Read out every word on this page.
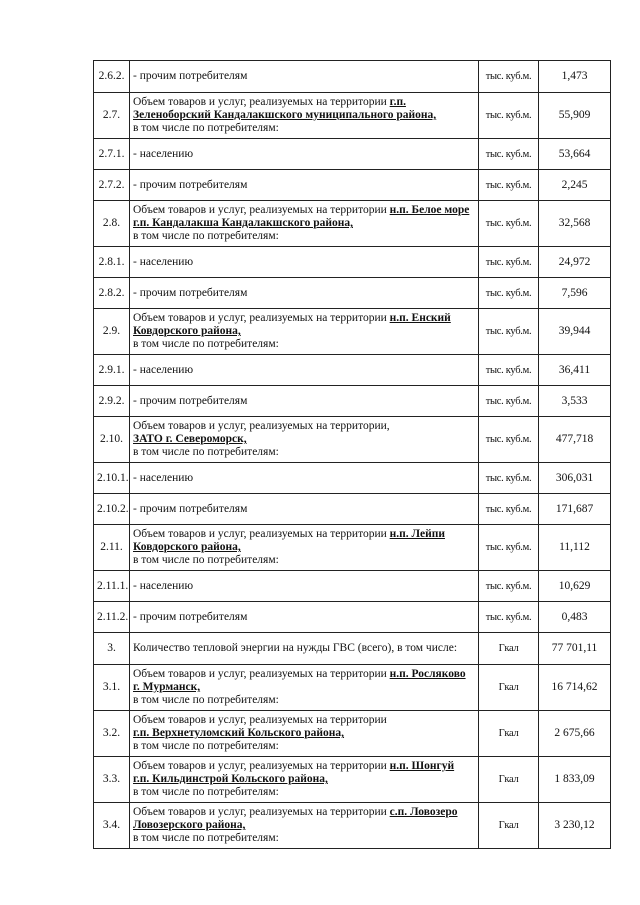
2.6.2.	- прочим потребителям	тыс. куб.м.	1,473
2.7.	Объем товаров и услуг, реализуемых на территории г.п.
Зеленоборский Кандалакшского муниципального района,
в том числе по потребителям:	тыс. куб.м.	55,909
2.7.1.	- населению	тыс. куб.м.	53,664
2.7.2.	- прочим потребителям	тыс. куб.м.	2,245
2.8.	Объем товаров и услуг, реализуемых на территории н.п. Белое море
г.п. Кандалакша Кандалакшского района,
в том числе по потребителям:	тыс. куб.м.	32,568
2.8.1.	- населению	тыс. куб.м.	24,972
2.8.2.	- прочим потребителям	тыс. куб.м.	7,596
2.9.	Объем товаров и услуг, реализуемых на территории н.п. Енский
Ковдорского района,
в том числе по потребителям:	тыс. куб.м.	39,944
2.9.1.	- населению	тыс. куб.м.	36,411
2.9.2.	- прочим потребителям	тыс. куб.м.	3,533
2.10.	Объем товаров и услуг, реализуемых на территории,
ЗАТО г. Североморск,
в том числе по потребителям:	тыс. куб.м.	477,718
2.10.1.	- населению	тыс. куб.м.	306,031
2.10.2.	- прочим потребителям	тыс. куб.м.	171,687
2.11.	Объем товаров и услуг, реализуемых на территории н.п. Лейпи
Ковдорского района,
в том числе по потребителям:	тыс. куб.м.	11,112
2.11.1.	- населению	тыс. куб.м.	10,629
2.11.2.	- прочим потребителям	тыс. куб.м.	0,483
3.	Количество тепловой энергии на нужды ГВС (всего), в том числе:	Гкал	77 701,11
3.1.	Объем товаров и услуг, реализуемых на территории н.п. Росляково
г. Мурманск,
в том числе по потребителям:	Гкал	16 714,62
3.2.	Объем товаров и услуг, реализуемых на территории
г.п. Верхнетуломский Кольского района,
в том числе по потребителям:	Гкал	2 675,66
3.3.	Объем товаров и услуг, реализуемых на территории н.п. Шонгуй
г.п. Кильдинстрой Кольского района,
в том числе по потребителям:	Гкал	1 833,09
3.4.	Объем товаров и услуг, реализуемых на территории с.п. Ловозеро
Ловозерского района,
в том числе по потребителям:	Гкал	3 230,12
